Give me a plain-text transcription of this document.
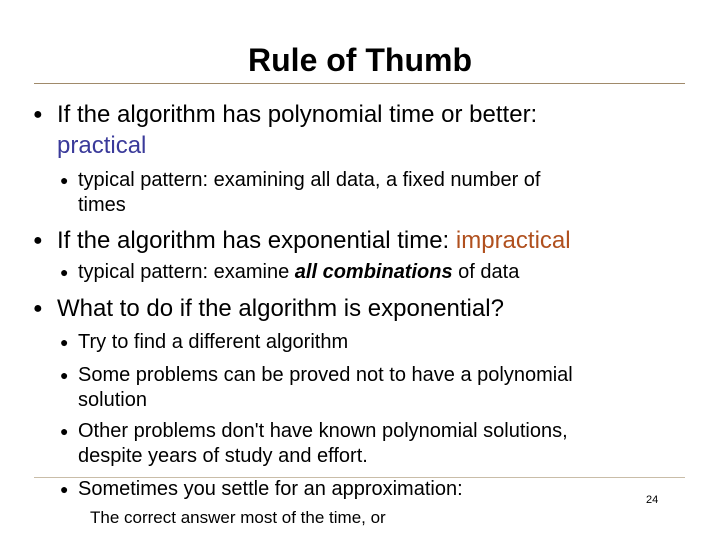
Rule of Thumb
● If the algorithm has polynomial time or better:
practical
● typical pattern: examining all data, a fixed number of
times
● If the algorithm has exponential time: impractical
● typical pattern: examine all combinations of data
● What to do if the algorithm is exponential?
● Try to find a different algorithm
● Some problems can be proved not to have a polynomial
solution
● Other problems don't have known polynomial solutions,
despite years of study and effort.
● Sometimes you settle for an approximation:
The correct answer most of the time, or
24
